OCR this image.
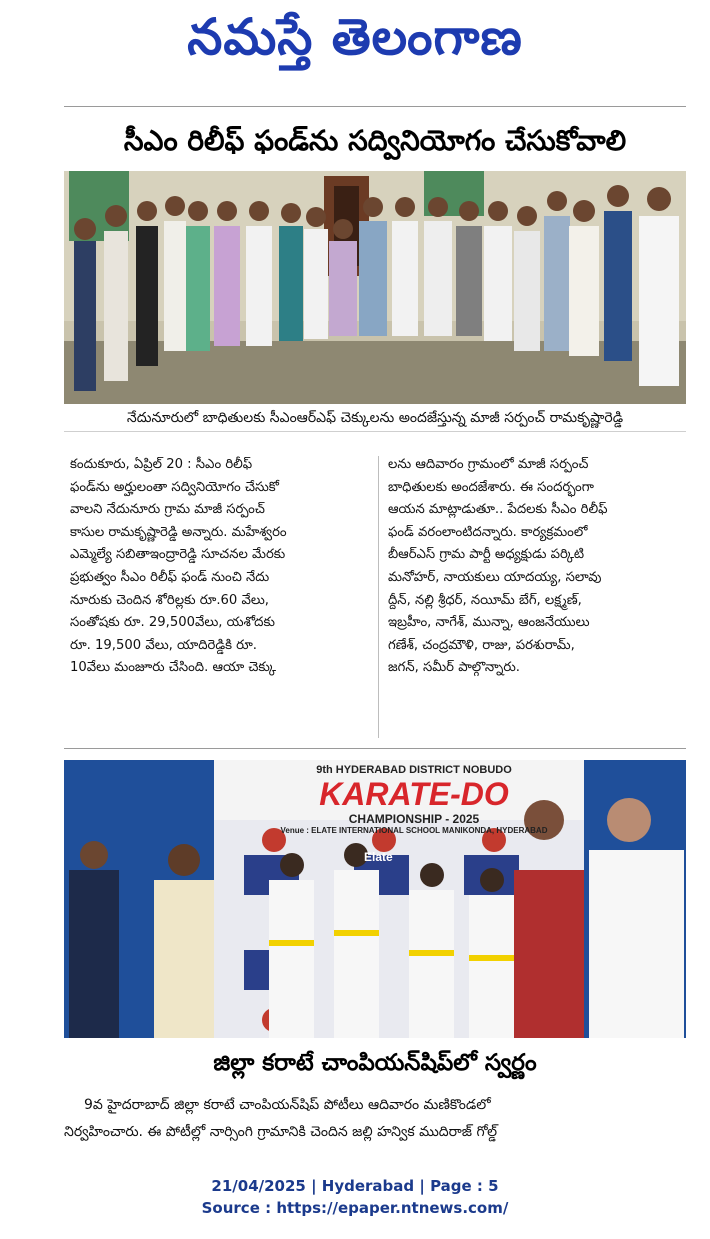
నమస్తే తెలంగాణ
సీఎం రిలీఫ్ ఫండ్‌ను సద్వినియోగం చేసుకోవాలి
నేదునూరులో బాధితులకు సీఎంఆర్‌ఎఫ్ చెక్కులను అందజేస్తున్న మాజీ సర్పంచ్ రామకృష్ణారెడ్డి
కందుకూరు, ఏప్రిల్ 20 : సీఎం రిలీఫ్
ఫండ్‌ను అర్హులంతా సద్వినియోగం చేసుకో
వాలని నేదునూరు గ్రామ మాజీ సర్పంచ్
కాసుల రామకృష్ణారెడ్డి అన్నారు. మహేశ్వరం
ఎమ్మెల్యే సబితాఇంద్రారెడ్డి సూచనల మేరకు
ప్రభుత్వం సీఎం రిలీఫ్ ఫండ్ నుంచి నేదు
నూరుకు చెందిన శోరిల్లకు రూ.60 వేలు,
సంతోషకు రూ. 29,500వేలు, యశోదకు
రూ. 19,500 వేలు, యాదిరెడ్డికి రూ.
10వేలు మంజూరు చేసింది. ఆయా చెక్కు
లను ఆదివారం గ్రామంలో మాజీ సర్పంచ్
బాధితులకు అందజేశారు. ఈ సందర్భంగా
ఆయన మాట్లాడుతూ.. పేదలకు సీఎం రిలీఫ్
ఫండ్ వరంలాంటిదన్నారు. కార్యక్రమంలో
బీఆర్‌ఎస్ గ్రామ పార్టీ అధ్యక్షుడు పర్కిటి
మనోహర్, నాయకులు యాదయ్య, సలావు
ద్దీన్, నల్లి శ్రీధర్, నయీమ్ బేగ్, లక్ష్మణ్,
ఇబ్రహీం, నాగేశ్, మున్నా, ఆంజనేయులు
గణేశ్, చంద్రమౌళి, రాజు, పరశురామ్,
జగన్, సమీర్ పాల్గొన్నారు.
9th HYDERABAD DISTRICT NOBUDO
KARATE-DO
CHAMPIONSHIP - 2025
Venue : ELATE INTERNATIONAL SCHOOL MANIKONDA, HYDERABAD
Elate
జిల్లా కరాటే చాంపియన్‌షిప్‌లో స్వర్ణం
9వ హైదరాబాద్ జిల్లా కరాటే చాంపియన్‌షిప్ పోటీలు ఆదివారం మణికొండలో
నిర్వహించారు. ఈ పోటీల్లో నార్సింగి గ్రామానికి చెందిన జల్లి హన్విక ముదిరాజ్ గోల్డ్
21/04/2025 | Hyderabad | Page : 5
Source : https://epaper.ntnews.com/
